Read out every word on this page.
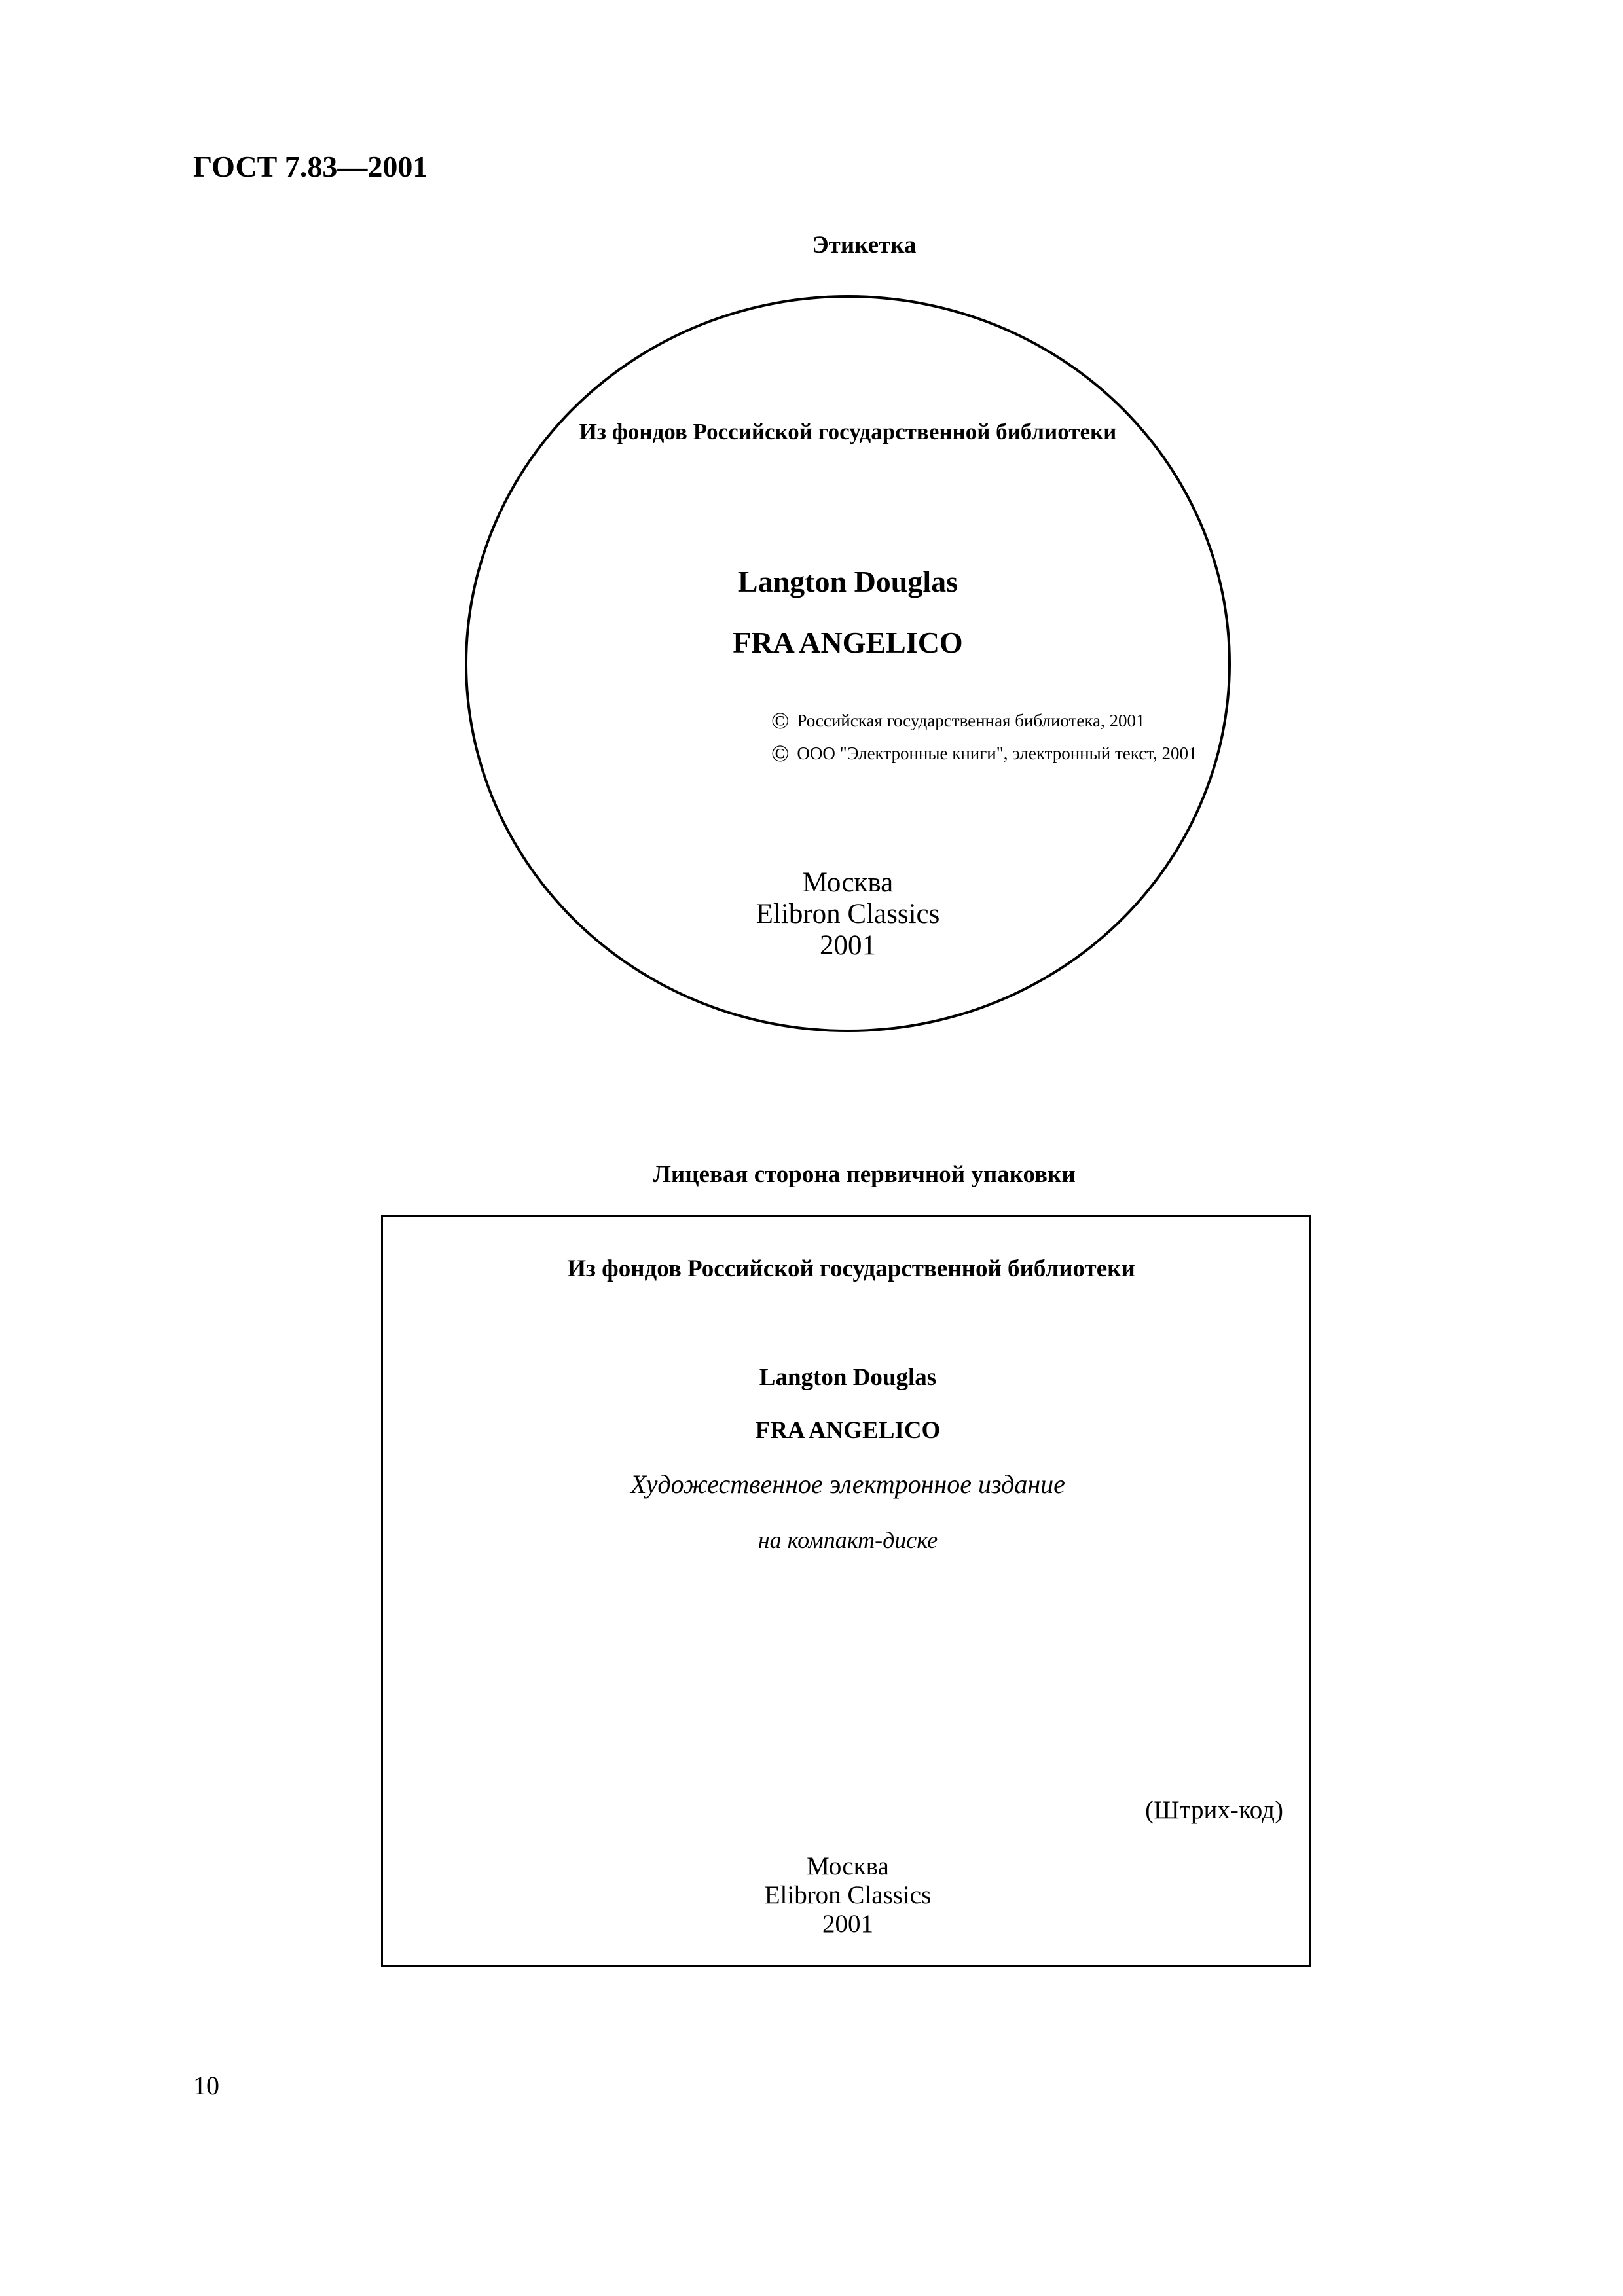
ГОСТ 7.83—2001
Этикетка
Из фондов Российской государственной библиотеки
Langton Douglas
FRA ANGELICO
© Российская государственная библиотека, 2001
© ООО "Электронные книги", электронный текст, 2001
Москва
Elibron Classics
2001
Лицевая сторона первичной упаковки
Из фондов Российской государственной библиотеки
Langton Douglas
FRA ANGELICO
Художественное электронное издание
на компакт-диске
(Штрих-код)
Москва
Elibron Classics
2001
10
